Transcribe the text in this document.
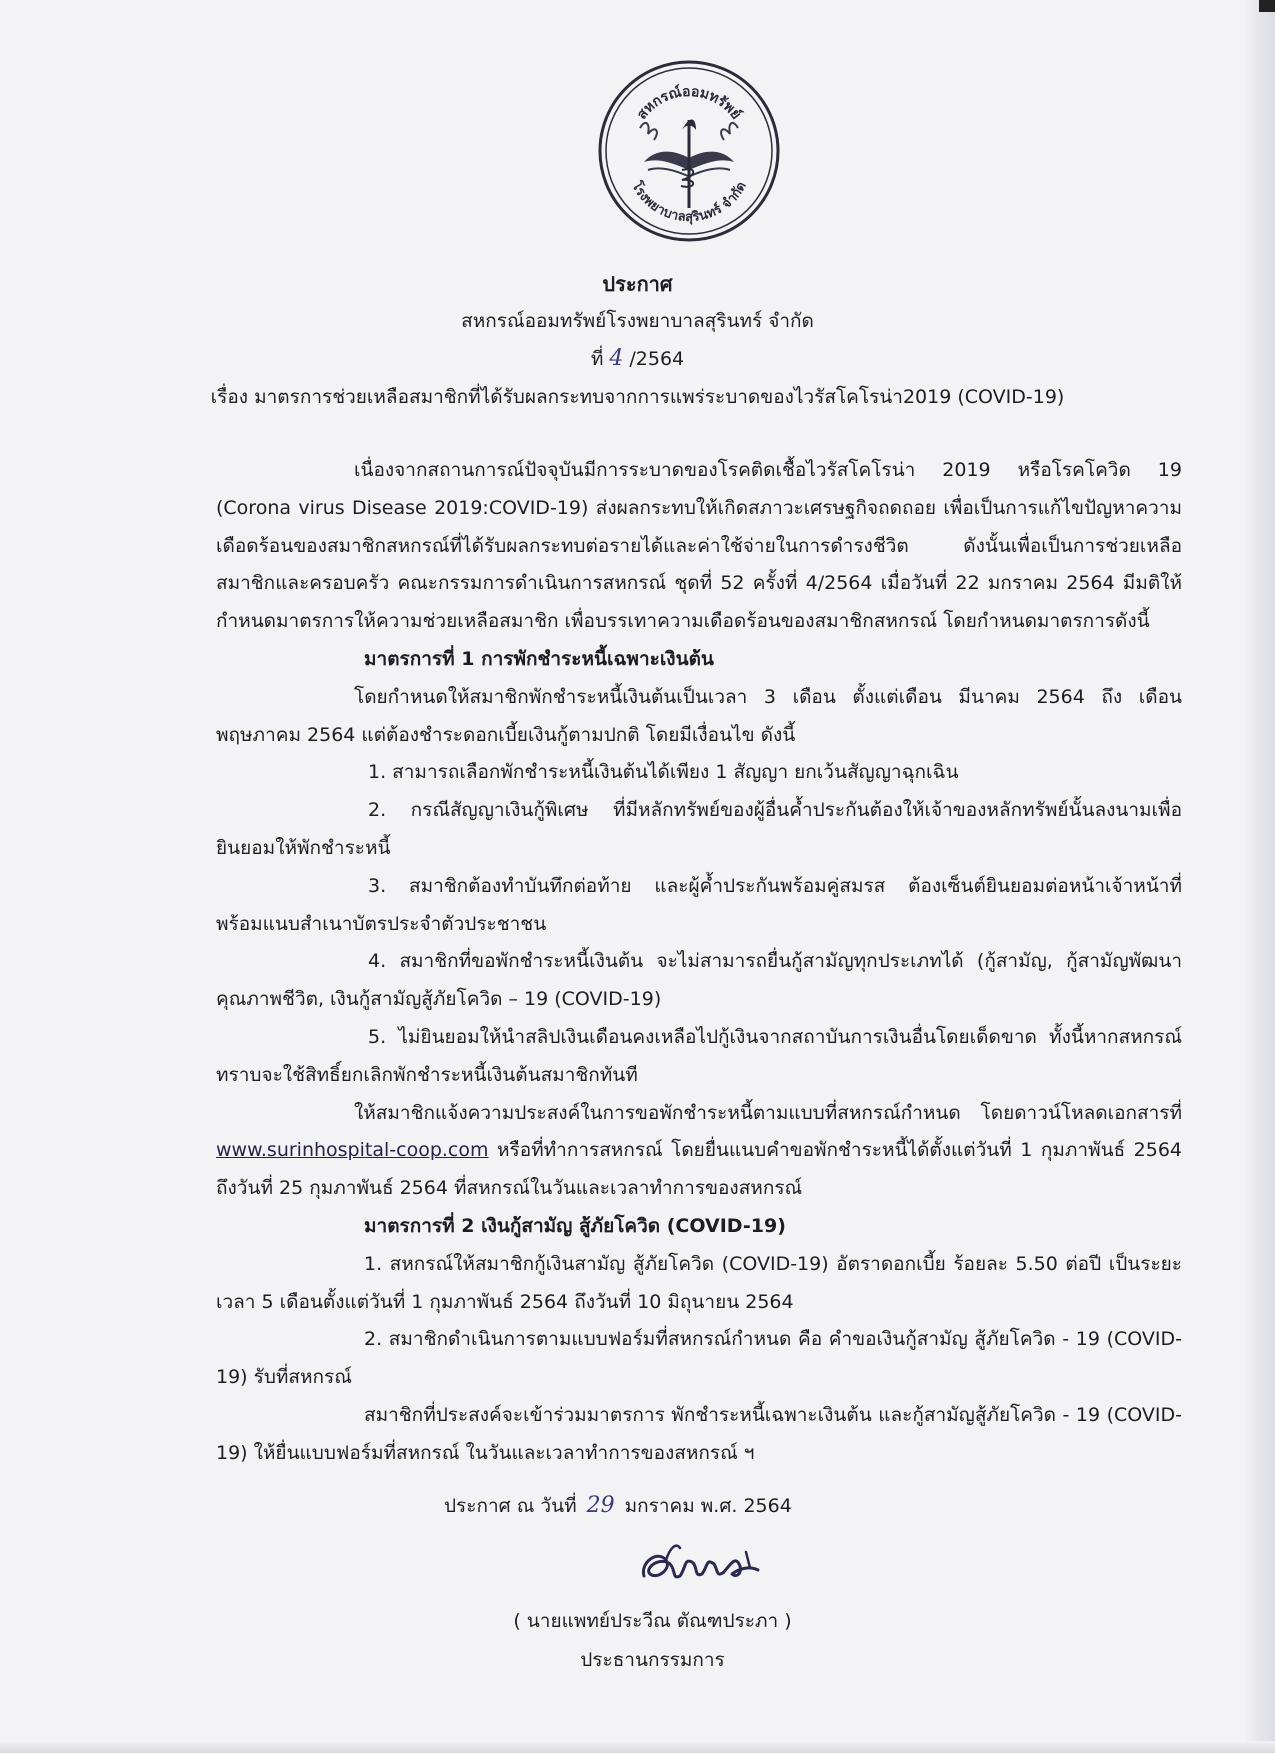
สหกรณ์ออมทรัพย์
โรงพยาบาลสุรินทร์ จำกัด
ประกาศ
สหกรณ์ออมทรัพย์โรงพยาบาลสุรินทร์ จำกัด
ที่ 4 /2564
เรื่อง มาตรการช่วยเหลือสมาชิกที่ได้รับผลกระทบจากการแพร่ระบาดของไวรัสโคโรน่า2019 (COVID-19)

เนื่องจากสถานการณ์ปัจจุบันมีการระบาดของโรคติดเชื้อไวรัสโคโรน่า 2019 หรือโรคโควิด 19 (Corona virus Disease 2019:COVID-19) ส่งผลกระทบให้เกิดสภาวะเศรษฐกิจถดถอย เพื่อเป็นการแก้ไขปัญหาความเดือดร้อนของสมาชิกสหกรณ์ที่ได้รับผลกระทบต่อรายได้และค่าใช้จ่ายในการดำรงชีวิต ดังนั้นเพื่อเป็นการช่วยเหลือสมาชิกและครอบครัว คณะกรรมการดำเนินการสหกรณ์ ชุดที่ 52 ครั้งที่ 4/2564 เมื่อวันที่ 22 มกราคม 2564 มีมติให้กำหนดมาตรการให้ความช่วยเหลือสมาชิก เพื่อบรรเทาความเดือดร้อนของสมาชิกสหกรณ์ โดยกำหนดมาตรการดังนี้

มาตรการที่ 1 การพักชำระหนี้เฉพาะเงินต้น

โดยกำหนดให้สมาชิกพักชำระหนี้เงินต้นเป็นเวลา 3 เดือน ตั้งแต่เดือน มีนาคม 2564 ถึง เดือน พฤษภาคม 2564 แต่ต้องชำระดอกเบี้ยเงินกู้ตามปกติ โดยมีเงื่อนไข ดังนี้

1. สามารถเลือกพักชำระหนี้เงินต้นได้เพียง 1 สัญญา ยกเว้นสัญญาฉุกเฉิน

2. กรณีสัญญาเงินกู้พิเศษ ที่มีหลักทรัพย์ของผู้อื่นค้ำประกันต้องให้เจ้าของหลักทรัพย์นั้นลงนามเพื่อยินยอมให้พักชำระหนี้

3. สมาชิกต้องทำบันทึกต่อท้าย และผู้ค้ำประกันพร้อมคู่สมรส ต้องเซ็นต์ยินยอมต่อหน้าเจ้าหน้าที่ พร้อมแนบสำเนาบัตรประจำตัวประชาชน

4. สมาชิกที่ขอพักชำระหนี้เงินต้น จะไม่สามารถยื่นกู้สามัญทุกประเภทได้ (กู้สามัญ, กู้สามัญพัฒนาคุณภาพชีวิต, เงินกู้สามัญสู้ภัยโควิด – 19 (COVID-19)

5. ไม่ยินยอมให้นำสลิปเงินเดือนคงเหลือไปกู้เงินจากสถาบันการเงินอื่นโดยเด็ดขาด ทั้งนี้หากสหกรณ์ทราบจะใช้สิทธิ์ยกเลิกพักชำระหนี้เงินต้นสมาชิกทันที

ให้สมาชิกแจ้งความประสงค์ในการขอพักชำระหนี้ตามแบบที่สหกรณ์กำหนด โดยดาวน์โหลดเอกสารที่ www.surinhospital-coop.com หรือที่ทำการสหกรณ์ โดยยื่นแนบคำขอพักชำระหนี้ได้ตั้งแต่วันที่ 1 กุมภาพันธ์ 2564 ถึงวันที่ 25 กุมภาพันธ์ 2564 ที่สหกรณ์ในวันและเวลาทำการของสหกรณ์

มาตรการที่ 2 เงินกู้สามัญ สู้ภัยโควิด (COVID-19)

1. สหกรณ์ให้สมาชิกกู้เงินสามัญ สู้ภัยโควิด (COVID-19) อัตราดอกเบี้ย ร้อยละ 5.50 ต่อปี เป็นระยะเวลา 5 เดือนตั้งแต่วันที่ 1 กุมภาพันธ์ 2564 ถึงวันที่ 10 มิถุนายน 2564

2. สมาชิกดำเนินการตามแบบฟอร์มที่สหกรณ์กำหนด คือ คำขอเงินกู้สามัญ สู้ภัยโควิด - 19 (COVID-19) รับที่สหกรณ์

สมาชิกที่ประสงค์จะเข้าร่วมมาตรการ พักชำระหนี้เฉพาะเงินต้น และกู้สามัญสู้ภัยโควิด - 19 (COVID-19) ให้ยื่นแบบฟอร์มที่สหกรณ์ ในวันและเวลาทำการของสหกรณ์ ฯ

ประกาศ ณ วันที่ 29 มกราคม พ.ศ. 2564
( นายแพทย์ประวีณ ตัณฑประภา )
ประธานกรรมการ
